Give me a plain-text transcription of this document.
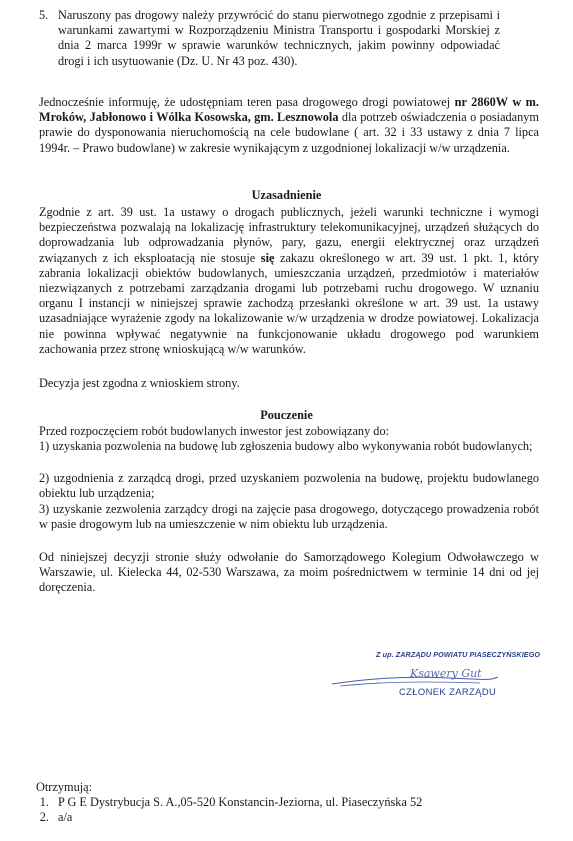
5. Naruszony pas drogowy należy przywrócić do stanu pierwotnego zgodnie z przepisami i warunkami zawartymi w Rozporządzeniu Ministra Transportu i gospodarki Morskiej z dnia 2 marca 1999r w sprawie warunków technicznych, jakim powinny odpowiadać drogi i ich usytuowanie (Dz. U. Nr 43 poz. 430).

Jednocześnie informuję, że udostępniam teren pasa drogowego drogi powiatowej nr 2860W w m. Mroków, Jabłonowo i Wólka Kosowska, gm. Lesznowola dla potrzeb oświadczenia o posiadanym prawie do dysponowania nieruchomością na cele budowlane ( art. 32 i 33 ustawy z dnia 7 lipca 1994r. – Prawo budowlane) w zakresie wynikającym z uzgodnionej lokalizacji w/w urządzenia.

Uzasadnienie

Zgodnie z art. 39 ust. 1a ustawy o drogach publicznych, jeżeli warunki techniczne i wymogi bezpieczeństwa pozwalają na lokalizację infrastruktury telekomunikacyjnej, urządzeń służących do doprowadzania lub odprowadzania płynów, pary, gazu, energii elektrycznej oraz urządzeń związanych z ich eksploatacją nie stosuje się zakazu określonego w art. 39 ust. 1 pkt. 1, który zabrania lokalizacji obiektów budowlanych, umieszczania urządzeń, przedmiotów i materiałów niezwiązanych z potrzebami zarządzania drogami lub potrzebami ruchu drogowego. W uznaniu organu I instancji w niniejszej sprawie zachodzą przesłanki określone w art. 39 ust. 1a ustawy uzasadniające wyrażenie zgody na lokalizowanie w/w urządzenia w drodze powiatowej. Lokalizacja nie powinna wpływać negatywnie na funkcjonowanie układu drogowego pod warunkiem zachowania przez stronę wnioskującą w/w warunków.

Decyzja jest zgodna z wnioskiem strony.

Pouczenie

Przed rozpoczęciem robót budowlanych inwestor jest zobowiązany do:

1) uzyskania pozwolenia na budowę lub zgłoszenia budowy albo wykonywania robót budowlanych;

2) uzgodnienia z zarządcą drogi, przed uzyskaniem pozwolenia na budowę, projektu budowlanego obiektu lub urządzenia;

3) uzyskanie zezwolenia zarządcy drogi na zajęcie pasa drogowego, dotyczącego prowadzenia robót w pasie drogowym lub na umieszczenie w nim obiektu lub urządzenia.

Od niniejszej decyzji stronie służy odwołanie do Samorządowego Kolegium Odwoławczego w Warszawie, ul. Kielecka 44, 02-530 Warszawa, za moim pośrednictwem w terminie 14 dni od jej doręczenia.

Z up. ZARZĄDU POWIATU PIASECZYŃSKIEGO
Ksawery Gut
CZŁONEK ZARZĄDU

Otrzymują:

1. P G E Dystrybucja S. A.,05-520 Konstancin-Jeziorna, ul. Piaseczyńska 52
2. a/a
